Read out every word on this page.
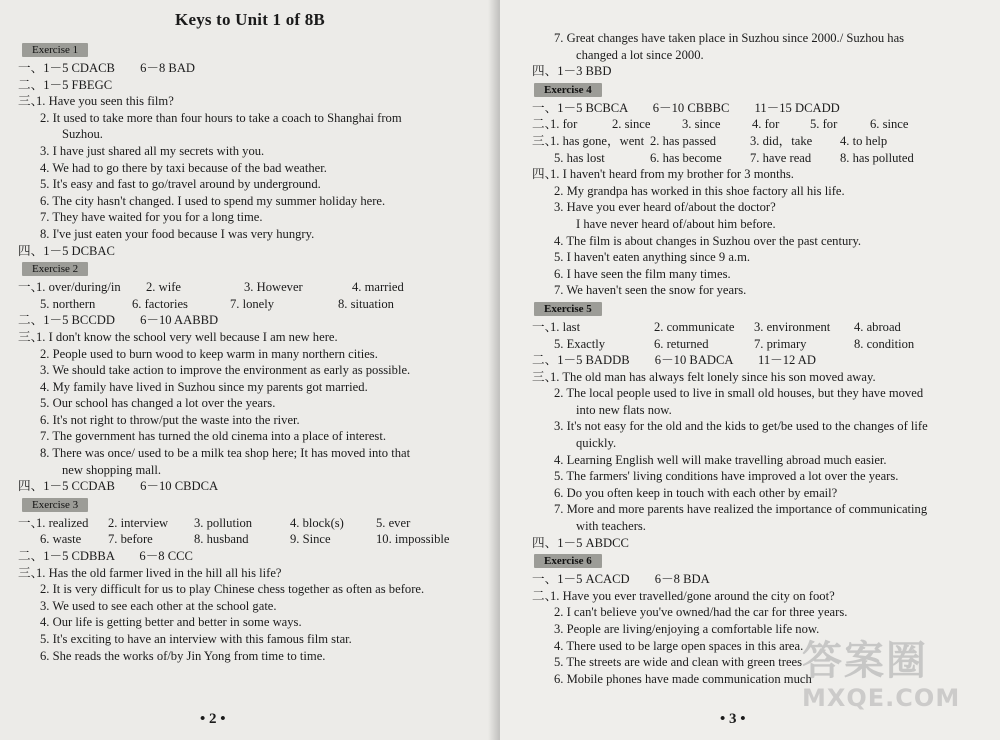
Keys to Unit 1 of 8B
Exercise 1
一、1－5 CDACB　　6－8 BAD
二、1－5 FBEGC
三、1. Have you seen this film?
2. It used to take more than four hours to take a coach to Shanghai from
Suzhou.
3. I have just shared all my secrets with you.
4. We had to go there by taxi because of the bad weather.
5. It's easy and fast to go/travel around by underground.
6. The city hasn't changed. I used to spend my summer holiday here.
7. They have waited for you for a long time.
8. I've just eaten your food because I was very hungry.
四、1－5 DCBAC
Exercise 2
一、
1. over/during/in	2. wife	3. However	4. married
5. northern	6. factories	7. lonely	8. situation
二、1－5 BCCDD　　6－10 AABBD
三、1. I don't know the school very well because I am new here.
2. People used to burn wood to keep warm in many northern cities.
3. We should take action to improve the environment as early as possible.
4. My family have lived in Suzhou since my parents got married.
5. Our school has changed a lot over the years.
6. It's not right to throw/put the waste into the river.
7. The government has turned the old cinema into a place of interest.
8. There was once/ used to be a milk tea shop here; It has moved into that
new shopping mall.
四、1－5 CCDAB　　6－10 CBDCA
Exercise 3
一、
1. realized	2. interview	3. pollution	4. block(s)	5. ever
6. waste	7. before	8. husband	9. Since	10. impossible
二、1－5 CDBBA　　6－8 CCC
三、1. Has the old farmer lived in the hill all his life?
2. It is very difficult for us to play Chinese chess together as often as before.
3. We used to see each other at the school gate.
4. Our life is getting better and better in some ways.
5. It's exciting to have an interview with this famous film star.
6. She reads the works of/by Jin Yong from time to time.
• 2 •
7. Great changes have taken place in Suzhou since 2000./ Suzhou has
changed a lot since 2000.
四、1－3 BBD
Exercise 4
一、1－5 BCBCA　　6－10 CBBBC　　11－15 DCADD
二、
1. for	2. since	3. since	4. for	5. for	6. since
三、
1. has gone，went 2. has passed	3. did，take	4. to help
5. has lost	6. has become	7. have read	8. has polluted
四、1. I haven't heard from my brother for 3 months.
2. My grandpa has worked in this shoe factory all his life.
3. Have you ever heard of/about the doctor?
I have never heard of/about him before.
4. The film is about changes in Suzhou over the past century.
5. I haven't eaten anything since 9 a.m.
6. I have seen the film many times.
7. We haven't seen the snow for years.
Exercise 5
一、
1. last	2. communicate	3. environment	4. abroad
5. Exactly	6. returned	7. primary	8. condition
二、1－5 BADDB　　6－10 BADCA　　11－12 AD
三、1. The old man has always felt lonely since his son moved away.
2. The local people used to live in small old houses, but they have moved
into new flats now.
3. It's not easy for the old and the kids to get/be used to the changes of life
quickly.
4. Learning English well will make travelling abroad much easier.
5. The farmers' living conditions have improved a lot over the years.
6. Do you often keep in touch with each other by email?
7. More and more parents have realized the importance of communicating
with teachers.
四、1－5 ABDCC
Exercise 6
一、1－5 ACACD　　6－8 BDA
二、1. Have you ever travelled/gone around the city on foot?
2. I can't believe you've owned/had the car for three years.
3. People are living/enjoying a comfortable life now.
4. There used to be large open spaces in this area.
5. The streets are wide and clean with green trees
6. Mobile phones have made communication much
• 3 •
答案圈
MXQE.COM
